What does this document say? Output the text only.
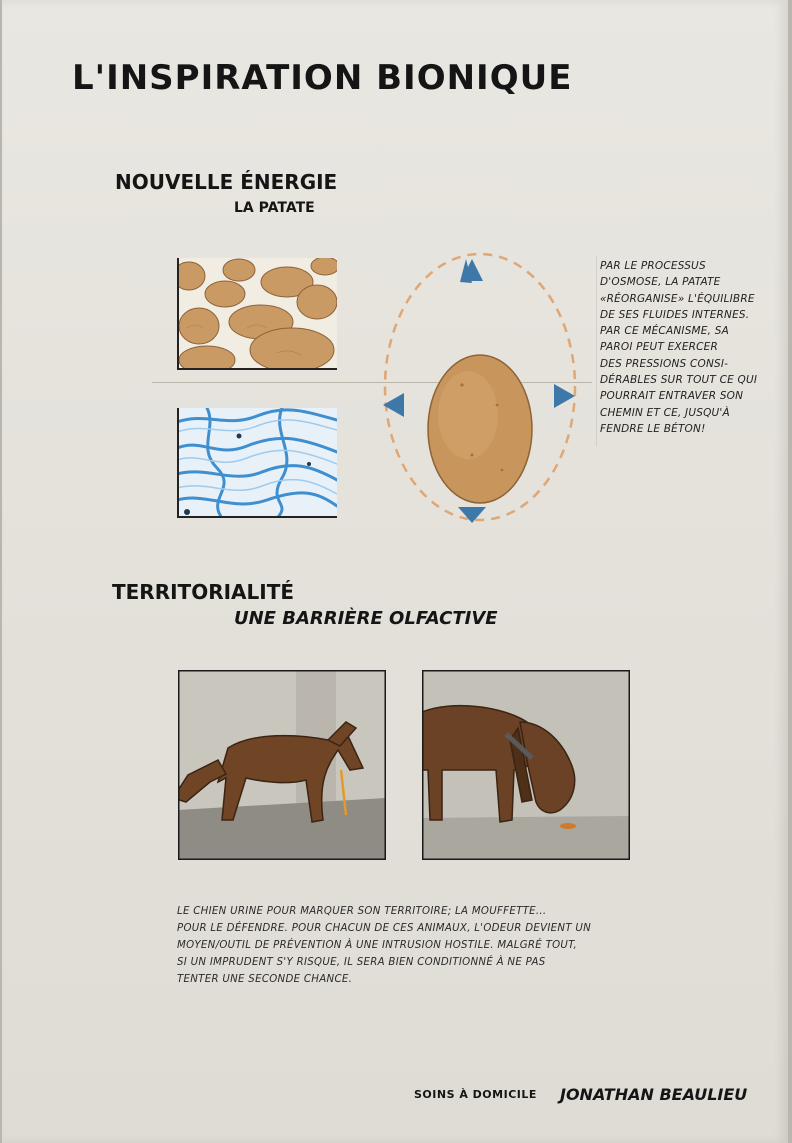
L'INSPIRATION BIONIQUE
NOUVELLE ÉNERGIE
LA PATATE
PAR LE PROCESSUS
D'OSMOSE, LA PATATE
«RÉORGANISE» L'ÉQUILIBRE
DE SES FLUIDES INTERNES.
PAR CE MÉCANISME, SA
PAROI PEUT EXERCER
DES PRESSIONS CONSI-
DÉRABLES SUR TOUT CE QUI
POURRAIT ENTRAVER SON
CHEMIN ET CE, JUSQU'À
FENDRE LE BÉTON!
TERRITORIALITÉ
UNE BARRIÈRE OLFACTIVE
LE CHIEN URINE POUR MARQUER SON TERRITOIRE; LA MOUFFETTE...
POUR LE DÉFENDRE. POUR CHACUN DE CES ANIMAUX, L'ODEUR DEVIENT UN
MOYEN/OUTIL DE PRÉVENTION À UNE INTRUSION HOSTILE. MALGRÉ TOUT,
SI UN IMPRUDENT S'Y RISQUE, IL SERA BIEN CONDITIONNÉ À NE PAS
TENTER UNE SECONDE CHANCE.
SOINS À DOMICILE JONATHAN BEAULIEU
